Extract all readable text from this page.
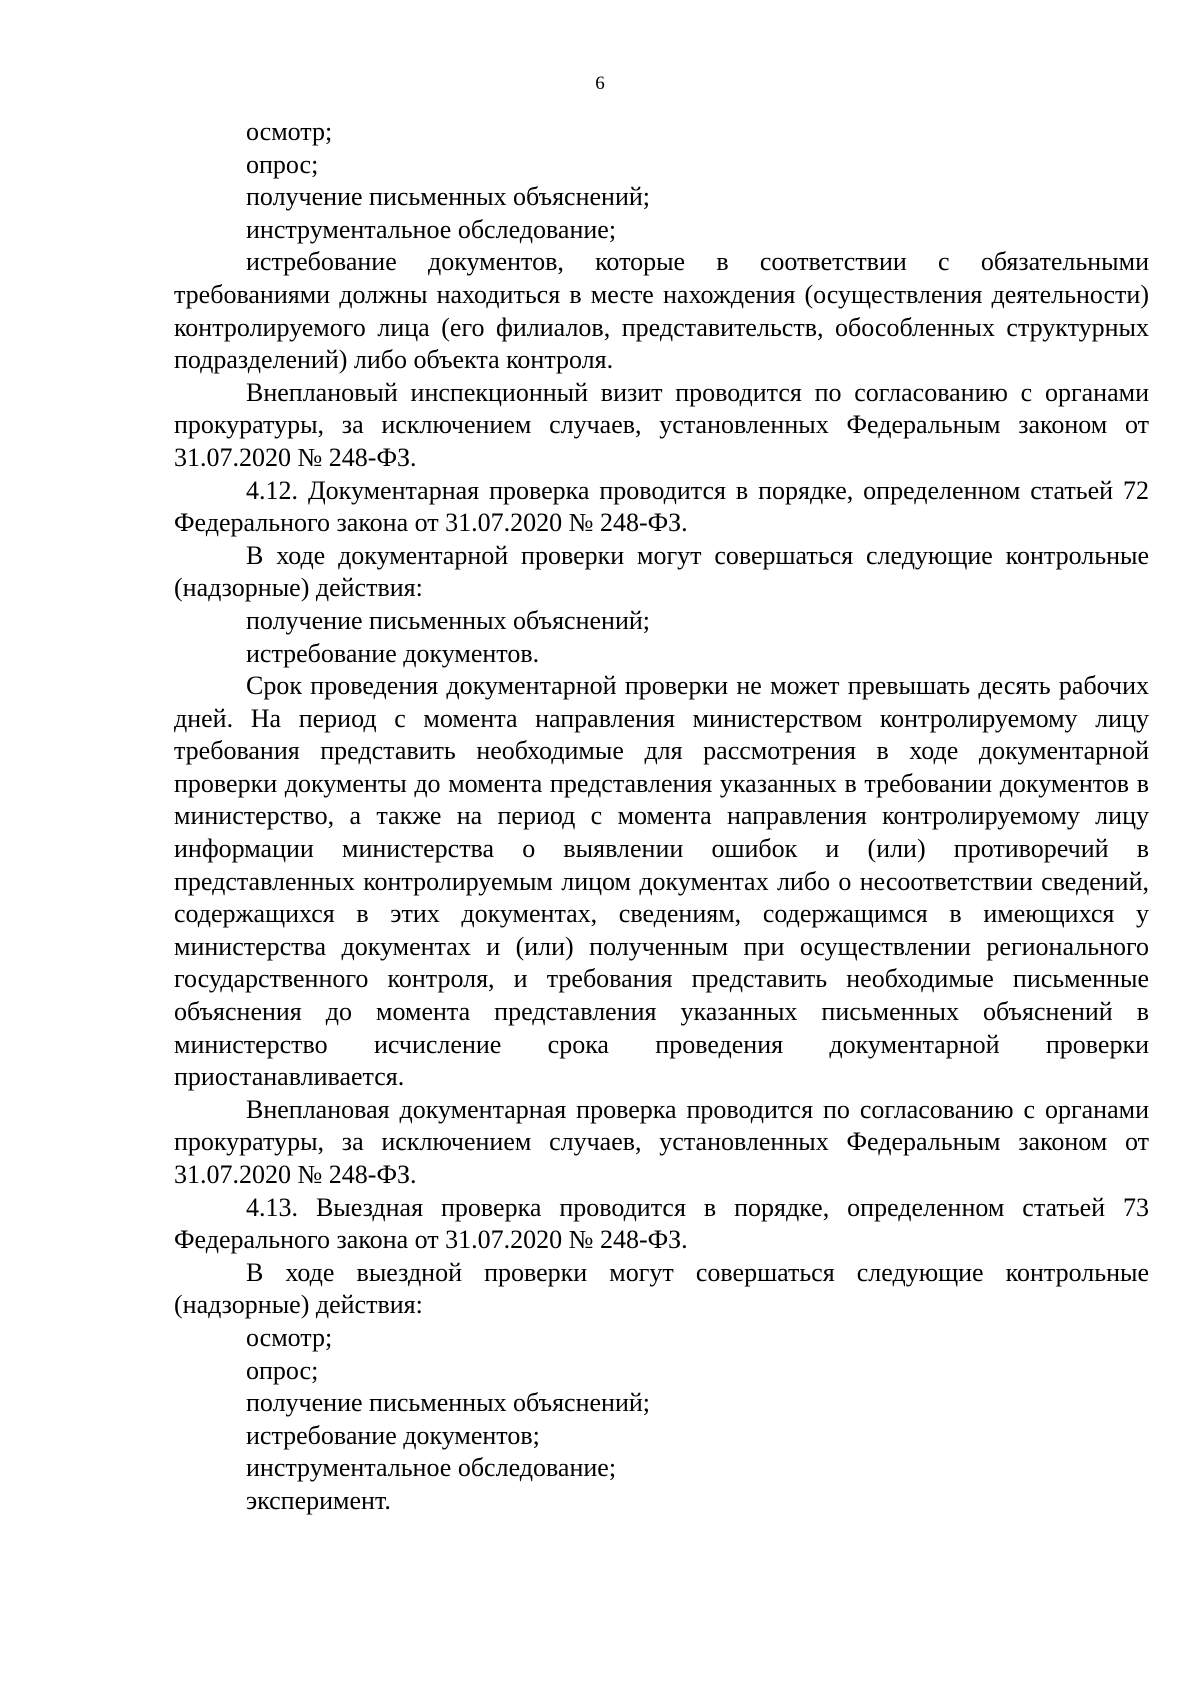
6

осмотр;

опрос;

получение письменных объяснений;

инструментальное обследование;

истребование документов, которые в соответствии с обязательными требованиями должны находиться в месте нахождения (осуществления деятельности) контролируемого лица (его филиалов, представительств, обособленных структурных подразделений) либо объекта контроля.

Внеплановый инспекционный визит проводится по согласованию с органами прокуратуры, за исключением случаев, установленных Федеральным законом от 31.07.2020 № 248-ФЗ.

4.12. Документарная проверка проводится в порядке, определенном статьей 72 Федерального закона от 31.07.2020 № 248-ФЗ.

В ходе документарной проверки могут совершаться следующие контрольные (надзорные) действия:

получение письменных объяснений;

истребование документов.

Срок проведения документарной проверки не может превышать десять рабочих дней. На период с момента направления министерством контролируемому лицу требования представить необходимые для рассмотрения в ходе документарной проверки документы до момента представления указанных в требовании документов в министерство, а также на период с момента направления контролируемому лицу информации министерства о выявлении ошибок и (или) противоречий в представленных контролируемым лицом документах либо о несоответствии сведений, содержащихся в этих документах, сведениям, содержащимся в имеющихся у министерства документах и (или) полученным при осуществлении регионального государственного контроля, и требования представить необходимые письменные объяснения до момента представления указанных письменных объяснений в министерство исчисление срока проведения документарной проверки приостанавливается.

Внеплановая документарная проверка проводится по согласованию с органами прокуратуры, за исключением случаев, установленных Федеральным законом от 31.07.2020 № 248-ФЗ.

4.13. Выездная проверка проводится в порядке, определенном статьей 73 Федерального закона от 31.07.2020 № 248-ФЗ.

В ходе выездной проверки могут совершаться следующие контрольные (надзорные) действия:

осмотр;

опрос;

получение письменных объяснений;

истребование документов;

инструментальное обследование;

эксперимент.
